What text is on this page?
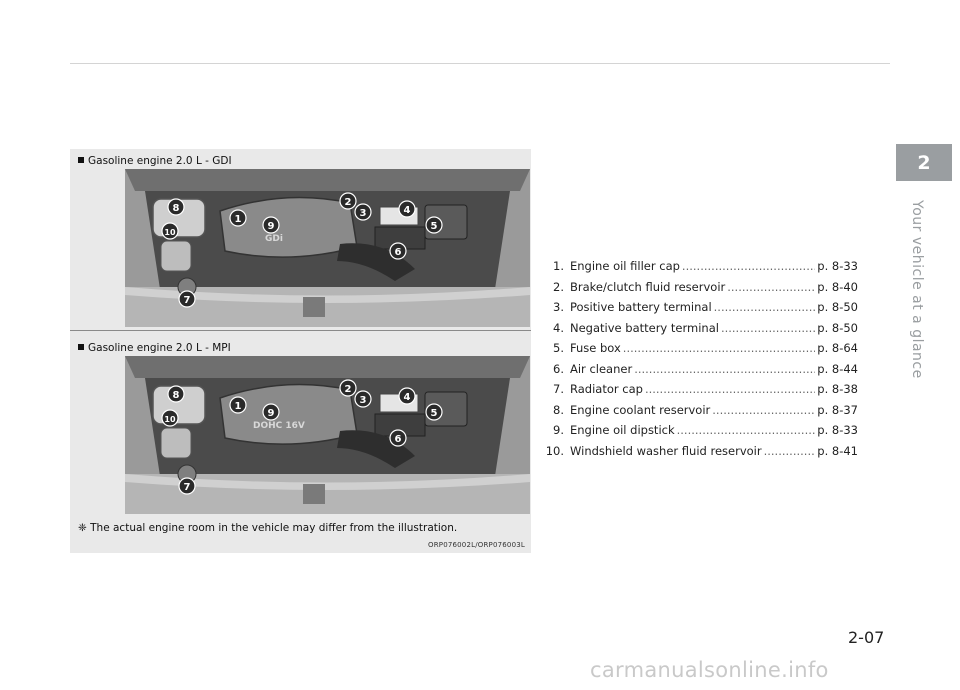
Gasoline engine 2.0 L - GDI
GDi
1
2
3	4
5
6
7
8
9
10
Gasoline engine 2.0 L - MPI
DOHC 16V
1
2
3	4
5
6
7
8
9
10
❈ The actual engine room in the vehicle may differ from the illustration.
ORP076002L/ORP076003L
1. Engine oil filler cap .....	p. 8-33
2. Brake/clutch fluid reservoir .....	p. 8-40
3. Positive battery terminal .....	p. 8-50
4. Negative battery terminal .....	p. 8-50
5. Fuse box .....	p. 8-64
6. Air cleaner .....	p. 8-44
7. Radiator cap .....	p. 8-38
8. Engine coolant reservoir .....	p. 8-37
9. Engine oil dipstick .....	p. 8-33
10. Windshield washer fluid reservoir .....	p. 8-41
2
Your vehicle at a glance
2-07
carmanualsonline.info
